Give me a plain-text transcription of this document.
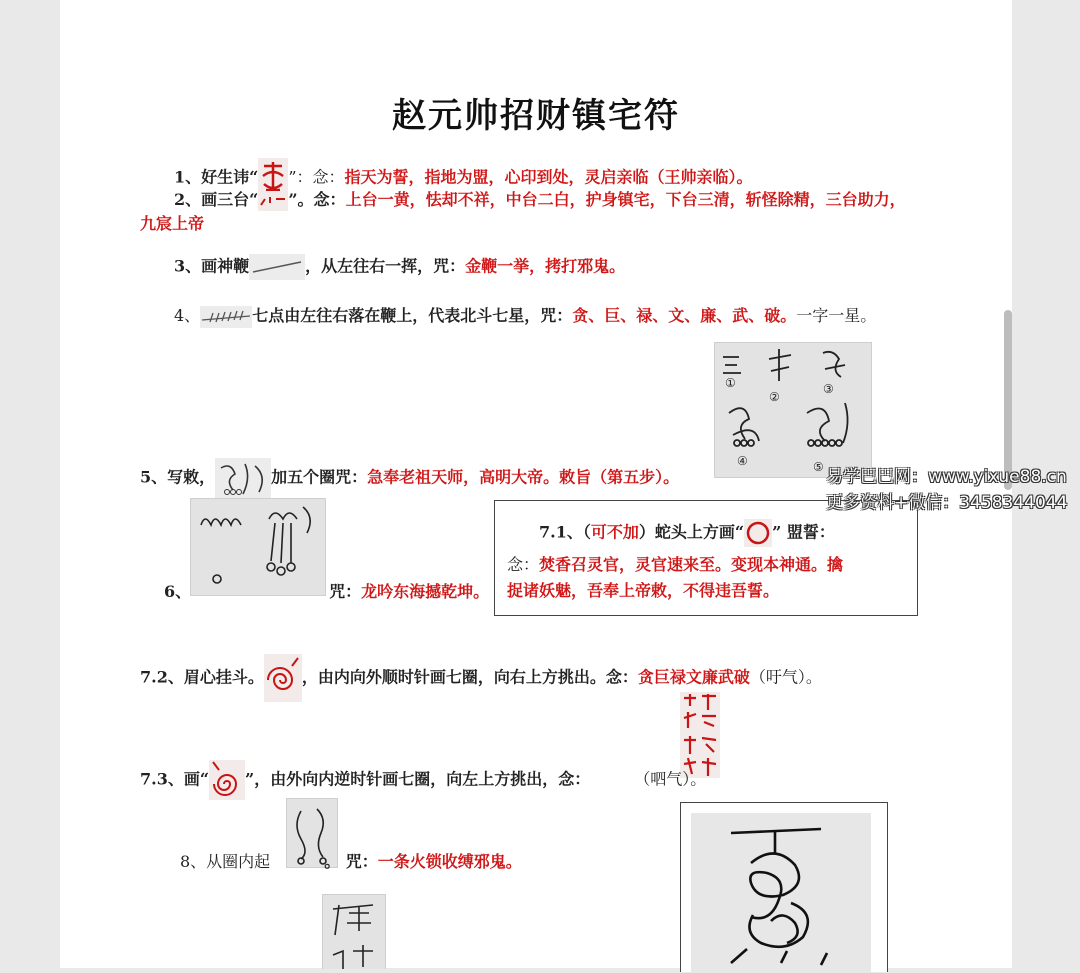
赵元帅招财镇宅符
1、好生讳“ ”：念：指天为誓，指地为盟，心印到处，灵启亲临（王帅亲临）。
2、画三台“ ”。念：上台一黄，怯却不祥，中台二白，护身镇宅，下台三清，斩怪除精，三台助力，
九宸上帝
3、画神鞭	，从左往右一挥，咒：金鞭一挙，拷打邪鬼。
4、	七点由左往右落在鞭上，代表北斗七星，咒：贪、巨、禄、文、廉、武、破。一字一星。
①
②
③
④	⑤
5、写敕，	加五个圈咒：急奉老祖天师，高明大帝。敕旨（第五步）。
6、	咒：龙吟东海撼乾坤。
7.1、（可不加）蛇头上方画“ ” 盟誓：
念：焚香召灵官，灵官速来至。变现本神通。擒
捉诸妖魅，吾奉上帝敕，不得违吾誓。
7.2、眉心挂斗。 ，由内向外顺时针画七圈，向右上方挑出。念：贪巨禄文廉武破（吁气）。
7.3、画“ ”，由外向内逆时针画七圈，向左上方挑出，念：	（呬气）。
8、从圈内起	。 咒：一条火锁收缚邪鬼。
易学巴巴网：www.yixue88.cn
更多资料+微信：3458344044
